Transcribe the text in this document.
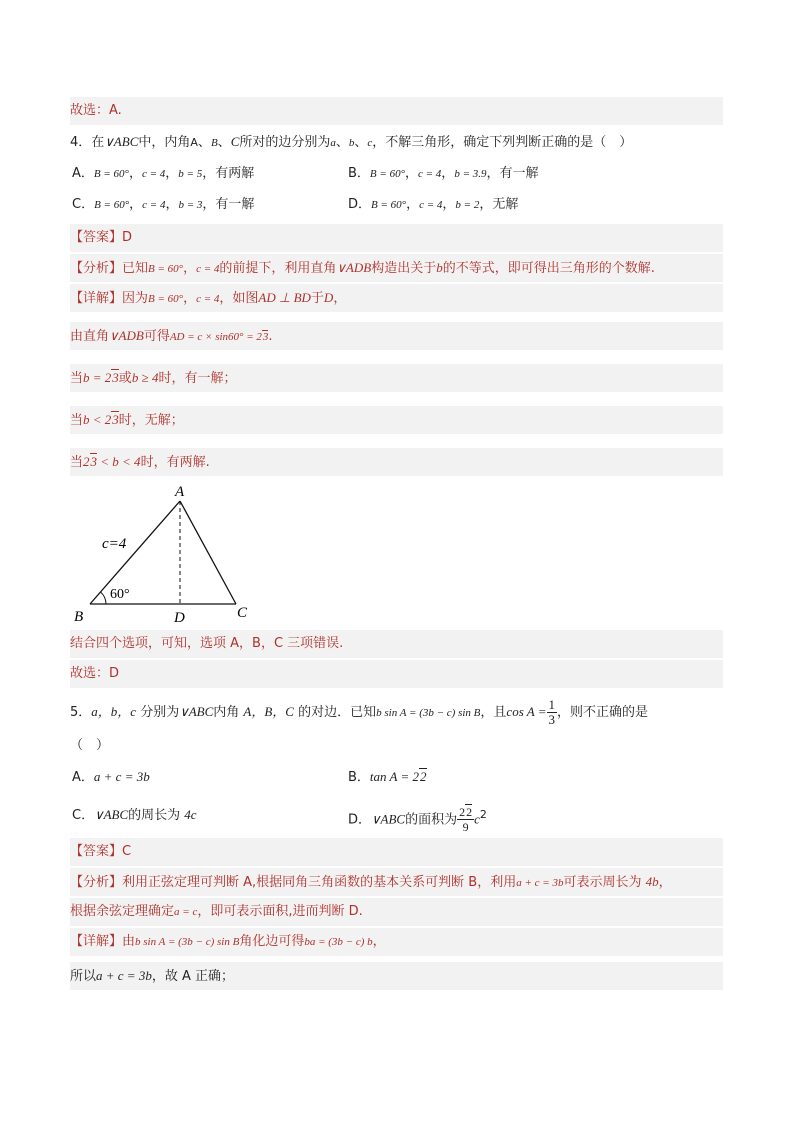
故选：A.
4．在∨ABC中，内角A、B、C所对的边分别为a、b、c，不解三角形，确定下列判断正确的是（　）
A．B = 60°，c = 4，b = 5，有两解	B．B = 60°，c = 4，b = 3.9，有一解
C．B = 60°，c = 4，b = 3，有一解	D．B = 60°，c = 4，b = 2，无解
【答案】D
【分析】已知B = 60°，c = 4的前提下，利用直角∨ADB构造出关于b的不等式，即可得出三角形的个数解.
【详解】因为B = 60°，c = 4，如图AD ⊥ BD于D，
由直角∨ADB可得AD = c × sin60° = 23.
当b = 23或b ≥ 4时，有一解；
当b < 23时，无解；
当23 < b < 4时，有两解.
A
B	C
D
c=4
60°
结合四个选项，可知，选项 A，B，C 三项错误.
故选：D
5．a，b，c 分别为∨ABC内角 A，B，C 的对边．已知b sin A = (3b − c) sin B，且$\cos A = \frac{1}{3}$ ，则不正确的是
（　）
A．a + c = 3b	B．tan A = 22
C．∨ABC的周长为 4c	D．∨ABC的面积为 $\frac{22}{9} c^2$
【答案】C
【分析】利用正弦定理可判断 A,根据同角三角函数的基本关系可判断 B，利用a + c = 3b可表示周长为 4b，
根据余弦定理确定a = c，即可表示面积,进而判断 D.
【详解】由b sin A = (3b − c) sin B角化边可得ba = (3b − c) b，
所以a + c = 3b，故 A 正确；
